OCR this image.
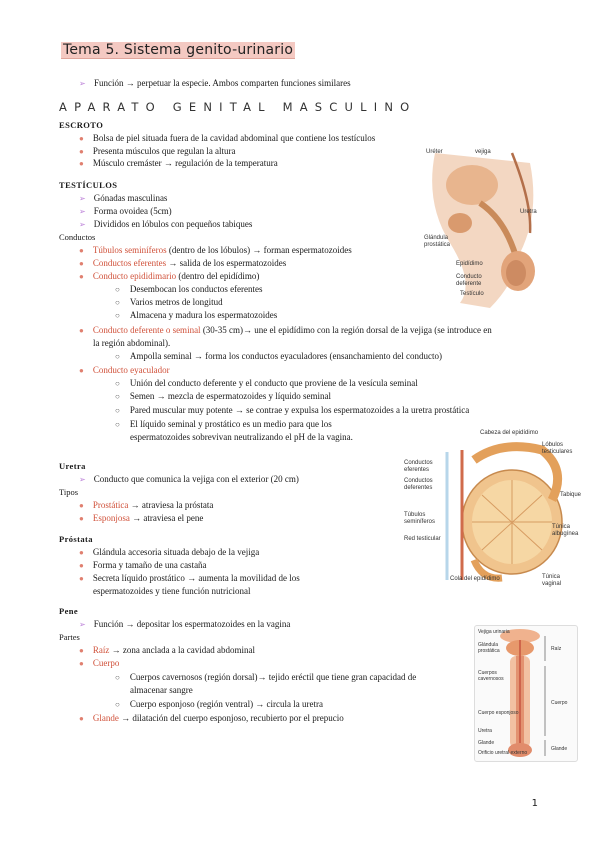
Tema 5. Sistema genito-urinario
➢ Función → perpetuar la especie. Ambos comparten funciones similares
APARATO GENITAL MASCULINO
ESCROTO
● Bolsa de piel situada fuera de la cavidad abdominal que contiene los testículos
● Presenta músculos que regulan la altura
● Músculo cremáster → regulación de la temperatura
TESTÍCULOS
➢ Gónadas masculinas
➢ Forma ovoidea (5cm)
➢ Divididos en lóbulos con pequeños tabiques
Conductos
● Túbulos seminíferos (dentro de los lóbulos) → forman espermatozoides
● Conductos eferentes → salida de los espermatozoides
● Conducto epididimario (dentro del epidídimo)
○ Desembocan los conductos eferentes
○ Varios metros de longitud
○ Almacena y madura los espermatozoides
● Conducto deferente o seminal (30-35 cm)→ une el epidídimo con la región dorsal de la vejiga (se introduce en
la región abdominal).
○ Ampolla seminal → forma los conductos eyaculadores (ensanchamiento del conducto)
● Conducto eyaculador
○ Unión del conducto deferente y el conducto que proviene de la vesícula seminal
○ Semen → mezcla de espermatozoides y líquido seminal
○ Pared muscular muy potente → se contrae y expulsa los espermatozoides a la uretra prostática
○ El líquido seminal y prostático es un medio para que los
espermatozoides sobrevivan neutralizando el pH de la vagina.
Uretra
➢ Conducto que comunica la vejiga con el exterior (20 cm)
Tipos
● Prostática → atraviesa la próstata
● Esponjosa → atraviesa el pene
Próstata
● Glándula accesoria situada debajo de la vejiga
● Forma y tamaño de una castaña
● Secreta líquido prostático → aumenta la movilidad de los
espermatozoides y tiene función nutricional
Pene
➢ Función → depositar los espermatozoides en la vagina
Partes
● Raíz → zona anclada a la cavidad abdominal
● Cuerpo
○ Cuerpos cavernosos (región dorsal)→ tejido eréctil que tiene gran capacidad de
almacenar sangre
○ Cuerpo esponjoso (región ventral) → circula la uretra
● Glande → dilatación del cuerpo esponjoso, recubierto por el prepucio
Uréter	vejiga
Glándula prostática
Uretra
Epidídimo
Conducto deferente
Testículo
Cabeza del epidídimo
Lóbulos testiculares
Conductos eferentes
Conductos deferentes
Tabique
Túbulos seminíferos
Red testicular
Túnica albugínea
Cola del epidídimo	Túnica vaginal
Vejiga urinaria
Glándula prostática
Cuerpos cavernosos
Cuerpo esponjoso
Uretra
Glande
Orificio uretral externo
Raíz
Cuerpo
Glande
1
